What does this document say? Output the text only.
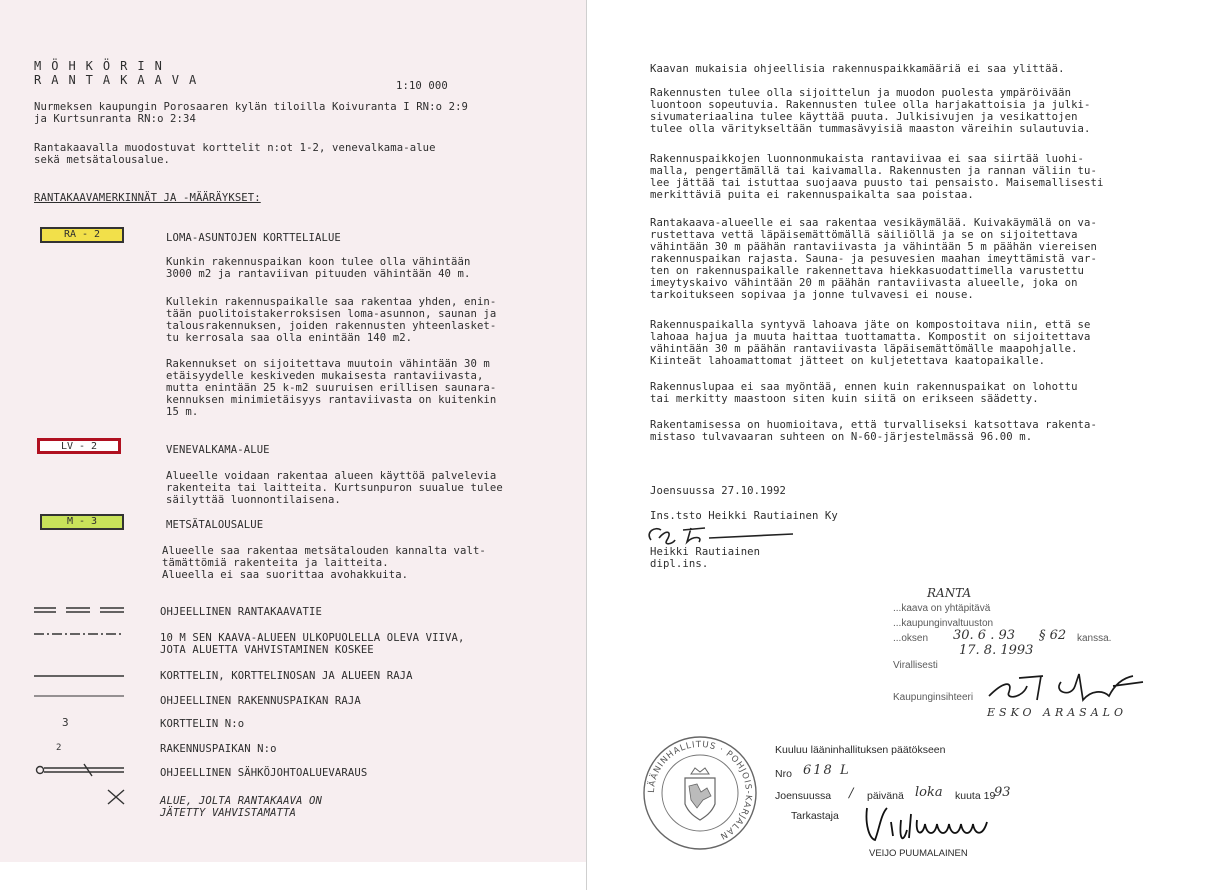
MÖHKÖRIN
RANTAKAAVA	1:10 000
Nurmeksen kaupungin Porosaaren kylän tiloilla Koivuranta I RN:o 2:9
ja Kurtsunranta RN:o 2:34
Rantakaavalla muodostuvat korttelit n:ot 1-2, venevalkama-alue
sekä metsätalousalue.
RANTAKAAVAMERKINNÄT JA -MÄÄRÄYKSET:
RA - 2	LOMA-ASUNTOJEN KORTTELIALUE
Kunkin rakennuspaikan koon tulee olla vähintään
3000 m2 ja rantaviivan pituuden vähintään 40 m.
Kullekin rakennuspaikalle saa rakentaa yhden, enin-
tään puolitoistakerroksisen loma-asunnon, saunan ja
talousrakennuksen, joiden rakennusten yhteenlasket-
tu kerrosala saa olla enintään 140 m2.
Rakennukset on sijoitettava muutoin vähintään 30 m
etäisyydelle keskiveden mukaisesta rantaviivasta,
mutta enintään 25 k-m2 suuruisen erillisen saunara-
kennuksen minimietäisyys rantaviivasta on kuitenkin
15 m.
LV - 2	VENEVALKAMA-ALUE
Alueelle voidaan rakentaa alueen käyttöä palvelevia
rakenteita tai laitteita. Kurtsunpuron suualue tulee
säilyttää luonnontilaisena.
M - 3	METSÄTALOUSALUE
Alueelle saa rakentaa metsätalouden kannalta valt-
tämättömiä rakenteita ja laitteita.
Alueella ei saa suorittaa avohakkuita.
3
2
OHJEELLINEN RANTAKAAVATIE
10 M SEN KAAVA-ALUEEN ULKOPUOLELLA OLEVA VIIVA,
JOTA ALUETTA VAHVISTAMINEN KOSKEE
KORTTELIN, KORTTELINOSAN JA ALUEEN RAJA
OHJEELLINEN RAKENNUSPAIKAN RAJA
KORTTELIN N:o
RAKENNUSPAIKAN N:o
OHJEELLINEN SÄHKÖJOHTOALUEVARAUS
ALUE, JOLTA RANTAKAAVA ON
JÄTETTY VAHVISTAMATTA
Kaavan mukaisia ohjeellisia rakennuspaikkamääriä ei saa ylittää.
Rakennusten tulee olla sijoittelun ja muodon puolesta ympäröivään
luontoon sopeutuvia. Rakennusten tulee olla harjakattoisia ja julki-
sivumateriaalina tulee käyttää puuta. Julkisivujen ja vesikattojen
tulee olla väritykseltään tummasävyisiä maaston väreihin sulautuvia.
Rakennuspaikkojen luonnonmukaista rantaviivaa ei saa siirtää luohi-
malla, pengertämällä tai kaivamalla. Rakennusten ja rannan väliin tu-
lee jättää tai istuttaa suojaava puusto tai pensaisto. Maisemallisesti
merkittäviä puita ei rakennuspaikalta saa poistaa.
Rantakaava-alueelle ei saa rakentaa vesikäymälää. Kuivakäymälä on va-
rustettava vettä läpäisemättömällä säiliöllä ja se on sijoitettava
vähintään 30 m päähän rantaviivasta ja vähintään 5 m päähän viereisen
rakennuspaikan rajasta. Sauna- ja pesuvesien maahan imeyttämistä var-
ten on rakennuspaikalle rakennettava hiekkasuodattimella varustettu
imeytyskaivo vähintään 20 m päähän rantaviivasta alueelle, joka on
tarkoitukseen sopivaa ja jonne tulvavesi ei nouse.
Rakennuspaikalla syntyvä lahoava jäte on kompostoitava niin, että se
lahoaa hajua ja muuta haittaa tuottamatta. Kompostit on sijoitettava
vähintään 30 m päähän rantaviivasta läpäisemättömälle maapohjalle.
Kiinteät lahoamattomat jätteet on kuljetettava kaatopaikalle.
Rakennuslupaa ei saa myöntää, ennen kuin rakennuspaikat on lohottu
tai merkitty maastoon siten kuin siitä on erikseen säädetty.
Rakentamisessa on huomioitava, että turvalliseksi katsottava rakenta-
mistaso tulvavaaran suhteen on N-60-järjestelmässä 96.00 m.
Joensuussa 27.10.1992
Ins.tsto Heikki Rautiainen Ky
Heikki Rautiainen
dipl.ins.
RANTA
...kaava on yhtäpitävä
...kaupunginvaltuuston
...oksen 30. 6 . 93 § 62 kanssa.
17. 8. 1993
Virallisesti
Kaupunginsihteeri
ESKO ARASALO
LÄÄNINHALLITUS · POHJOIS-KARJALAN
Kuuluu lääninhallituksen päätökseen
Nro 618 L
Joensuussa / päivänä loka kuuta 19
93
Tarkastaja
VEIJO PUUMALAINEN
